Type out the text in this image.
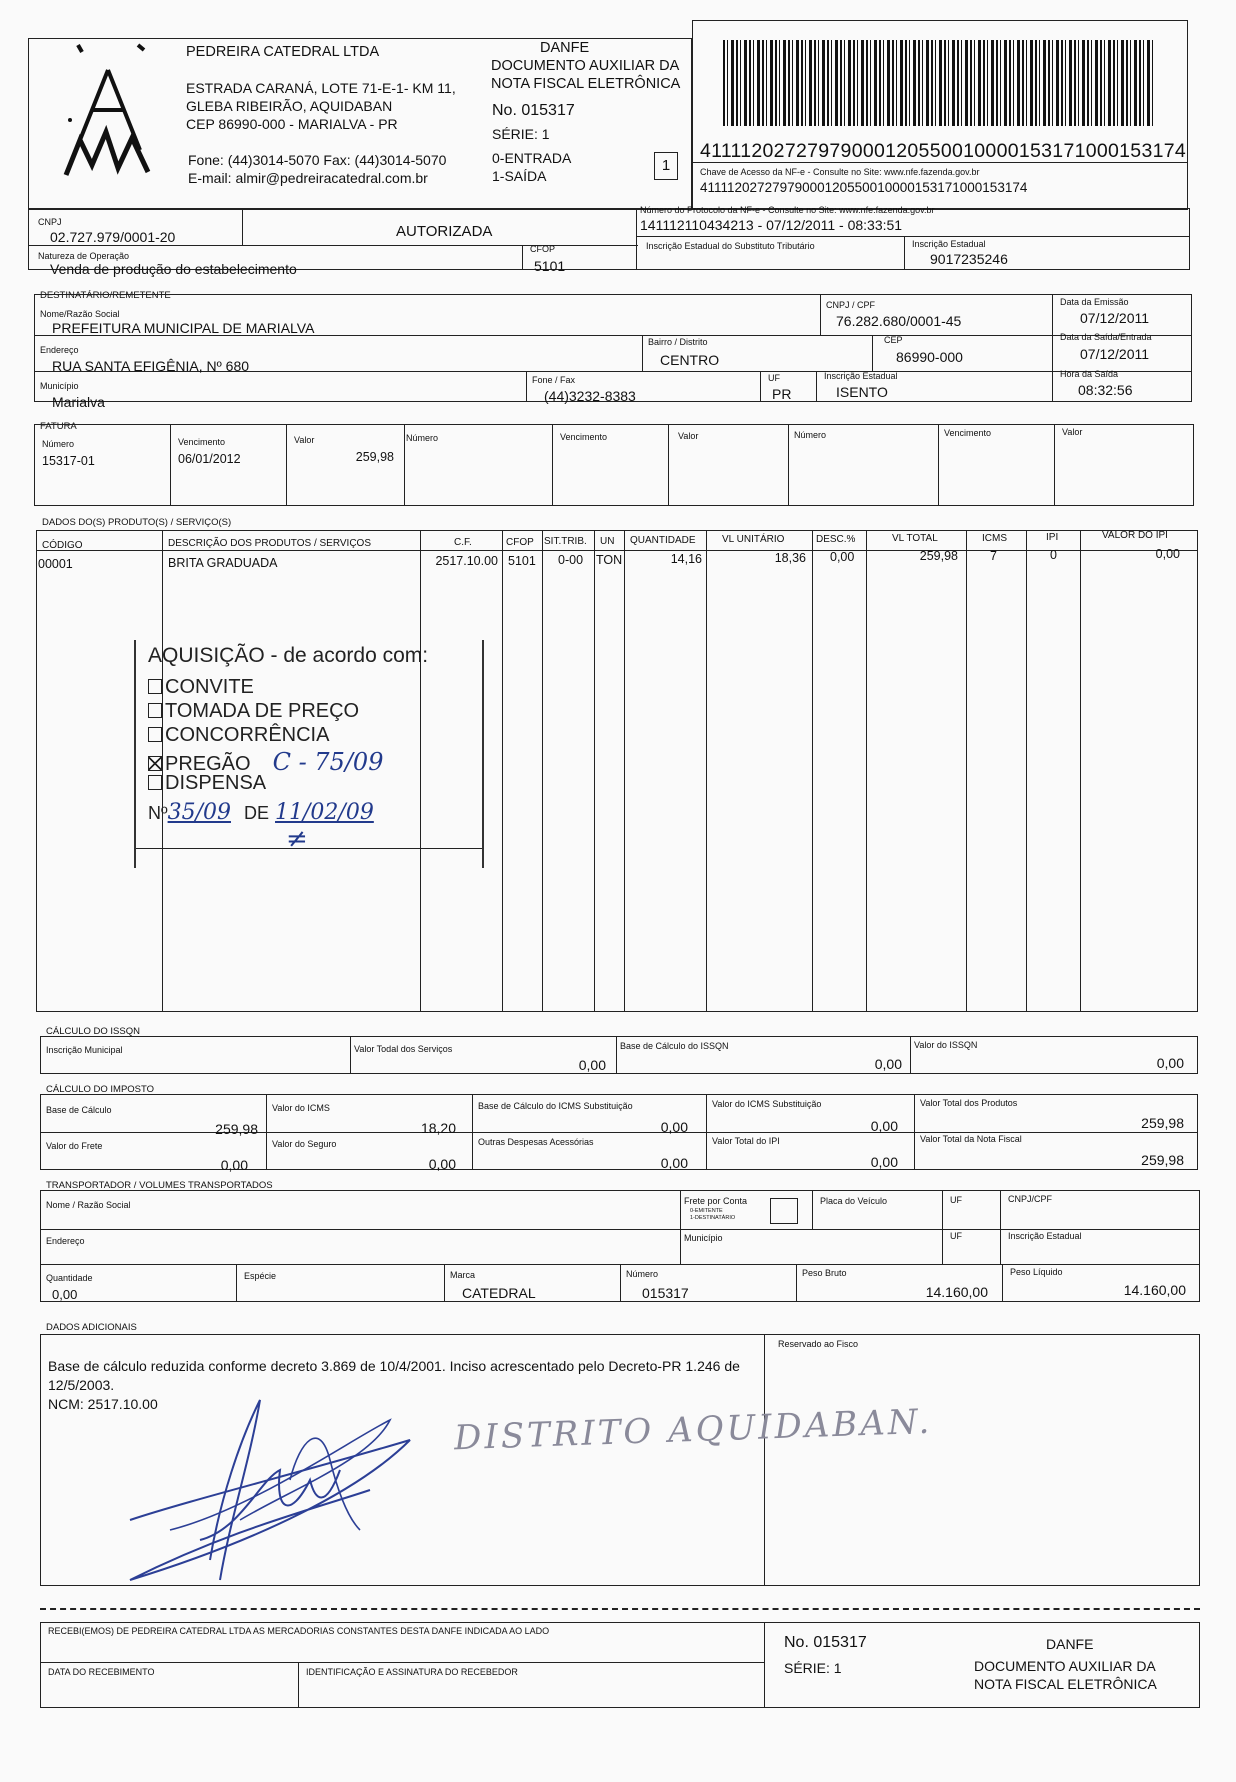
PEDREIRA CATEDRAL LTDA
ESTRADA CARANÁ, LOTE 71-E-1- KM 11,
GLEBA RIBEIRÃO, AQUIDABAN
CEP 86990-000 - MARIALVA - PR
Fone: (44)3014-5070 Fax: (44)3014-5070
E-mail: almir@pedreiracatedral.com.br
DANFE
DOCUMENTO AUXILIAR DA
NOTA FISCAL ELETRÔNICA
No. 015317
SÉRIE: 1
0-ENTRADA
1-SAÍDA
1
41111202727979000120550010000153171000153174
Chave de Acesso da NF-e - Consulte no Site: www.nfe.fazenda.gov.br
41111202727979000120550010000153171000153174
CNPJ
02.727.979/0001-20	AUTORIZADA
Número do Protocolo da NF-e - Consulte no Site: www.nfe.fazenda.gov.br
141112110434213 - 07/12/2011 - 08:33:51
Natureza de Operação
Venda de produção do estabelecimento
CFOP
5101
Inscrição Estadual do Substituto Tributário	Inscrição Estadual
9017235246
DESTINATÁRIO/REMETENTE
Nome/Razão Social
PREFEITURA MUNICIPAL DE MARIALVA
CNPJ / CPF
76.282.680/0001-45
Data da Emissão
07/12/2011
Endereço
RUA SANTA EFIGÊNIA, Nº 680
Bairro / Distrito
CENTRO
CEP
86990-000
Data da Saída/Entrada
07/12/2011
Município
Marialva
Fone / Fax
(44)3232-8383
UF
PR
Inscrição Estadual
ISENTO
Hora da Saída
08:32:56
FATURA
Número	Vencimento	Valor	Número	Vencimento	Valor	Número	Vencimento	Valor
15317-01	06/01/2012	259,98
DADOS DO(S) PRODUTO(S) / SERVIÇO(S)
CÓDIGO	DESCRIÇÃO DOS PRODUTOS / SERVIÇOS	C.F.	CFOP SIT.TRIB. UN QUANTIDADE	VL UNITÁRIO	DESC.%	VL TOTAL	ICMS	IPI	VALOR DO IPI
00001	BRITA GRADUADA	2517.10.00 5101 0-00 TON	14,16	18,36 0,00	259,98	7	0	0,00
AQUISIÇÃO - de acordo com:
CONVITE
TOMADA DE PREÇO
CONCORRÊNCIA
PREGÃO C - 75/09
DISPENSA
Nº35/09 DE 11/02/09
≠
CÁLCULO DO ISSQN
Inscrição Municipal	Valor Todal dos Serviços
0,00
Base de Cálculo do ISSQN
0,00
Valor do ISSQN
0,00
CÁLCULO DO IMPOSTO
Base de Cálculo
259,98
Valor do ICMS
18,20
Base de Cálculo do ICMS Substituição
0,00
Valor do ICMS Substituição
0,00
Valor Total dos Produtos
259,98
Valor do Frete
0,00
Valor do Seguro
0,00
Outras Despesas Acessórias
0,00
Valor Total do IPI
0,00
Valor Total da Nota Fiscal
259,98
TRANSPORTADOR / VOLUMES TRANSPORTADOS
Nome / Razão Social	Frete por Conta
0-EMITENTE
1-DESTINATÁRIO
Placa do Veículo	UF	CNPJ/CPF
Endereço	Município	UF	Inscrição Estadual
Quantidade
0,00
Espécie	Marca
CATEDRAL
Número
015317
Peso Bruto
14.160,00
Peso Líquido
14.160,00
DADOS ADICIONAIS
Base de cálculo reduzida conforme decreto 3.869 de 10/4/2001. Inciso acrescentado pelo Decreto-PR 1.246 de
12/5/2003.
NCM: 2517.10.00
Reservado ao Fisco
DISTRITO AQUIDABAN.
RECEBI(EMOS) DE PEDREIRA CATEDRAL LTDA AS MERCADORIAS CONSTANTES DESTA DANFE INDICADA AO LADO
DATA DO RECEBIMENTO	IDENTIFICAÇÃO E ASSINATURA DO RECEBEDOR
No. 015317
SÉRIE: 1
DANFE
DOCUMENTO AUXILIAR DA
NOTA FISCAL ELETRÔNICA
